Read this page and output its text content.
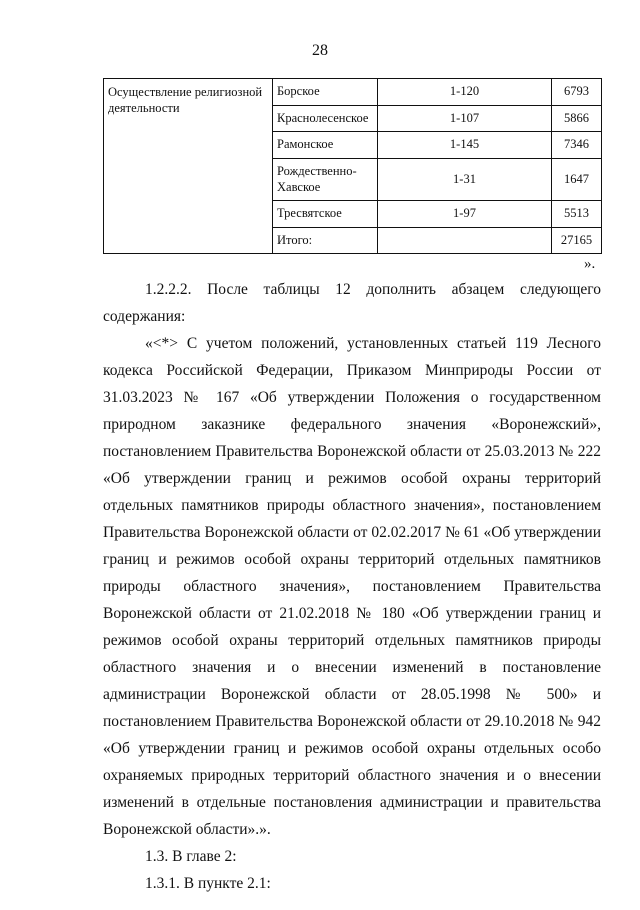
28
Осуществление религиозной деятельности	Борское	1-120	6793
	Краснолесенское	1-107	5866
	Рамонское	1-145	7346
	Рождественно-Хавское	1-31	1647
	Тресвятское	1-97	5513
	Итого:		27165
».

1.2.2.2. После таблицы 12 дополнить абзацем следующего содержания:

«<*> С учетом положений, установленных статьей 119 Лесного кодекса Российской Федерации, Приказом Минприроды России от 31.03.2023 № 167 «Об утверждении Положения о государственном природном заказнике федерального значения «Воронежский», постановлением Правительства Воронежской области от 25.03.2013 № 222 «Об утверждении границ и режимов особой охраны территорий отдельных памятников природы областного значения», постановлением Правительства Воронежской области от 02.02.2017 № 61 «Об утверждении границ и режимов особой охраны территорий отдельных памятников природы областного значения», постановлением Правительства Воронежской области от 21.02.2018 № 180 «Об утверждении границ и режимов особой охраны территорий отдельных памятников природы областного значения и о внесении изменений в постановление администрации Воронежской области от 28.05.1998 № 500» и постановлением Правительства Воронежской области от 29.10.2018 № 942 «Об утверждении границ и режимов особой охраны отдельных особо охраняемых природных территорий областного значения и о внесении изменений в отдельные постановления администрации и правительства Воронежской области».».

1.3. В главе 2:

1.3.1. В пункте 2.1:
